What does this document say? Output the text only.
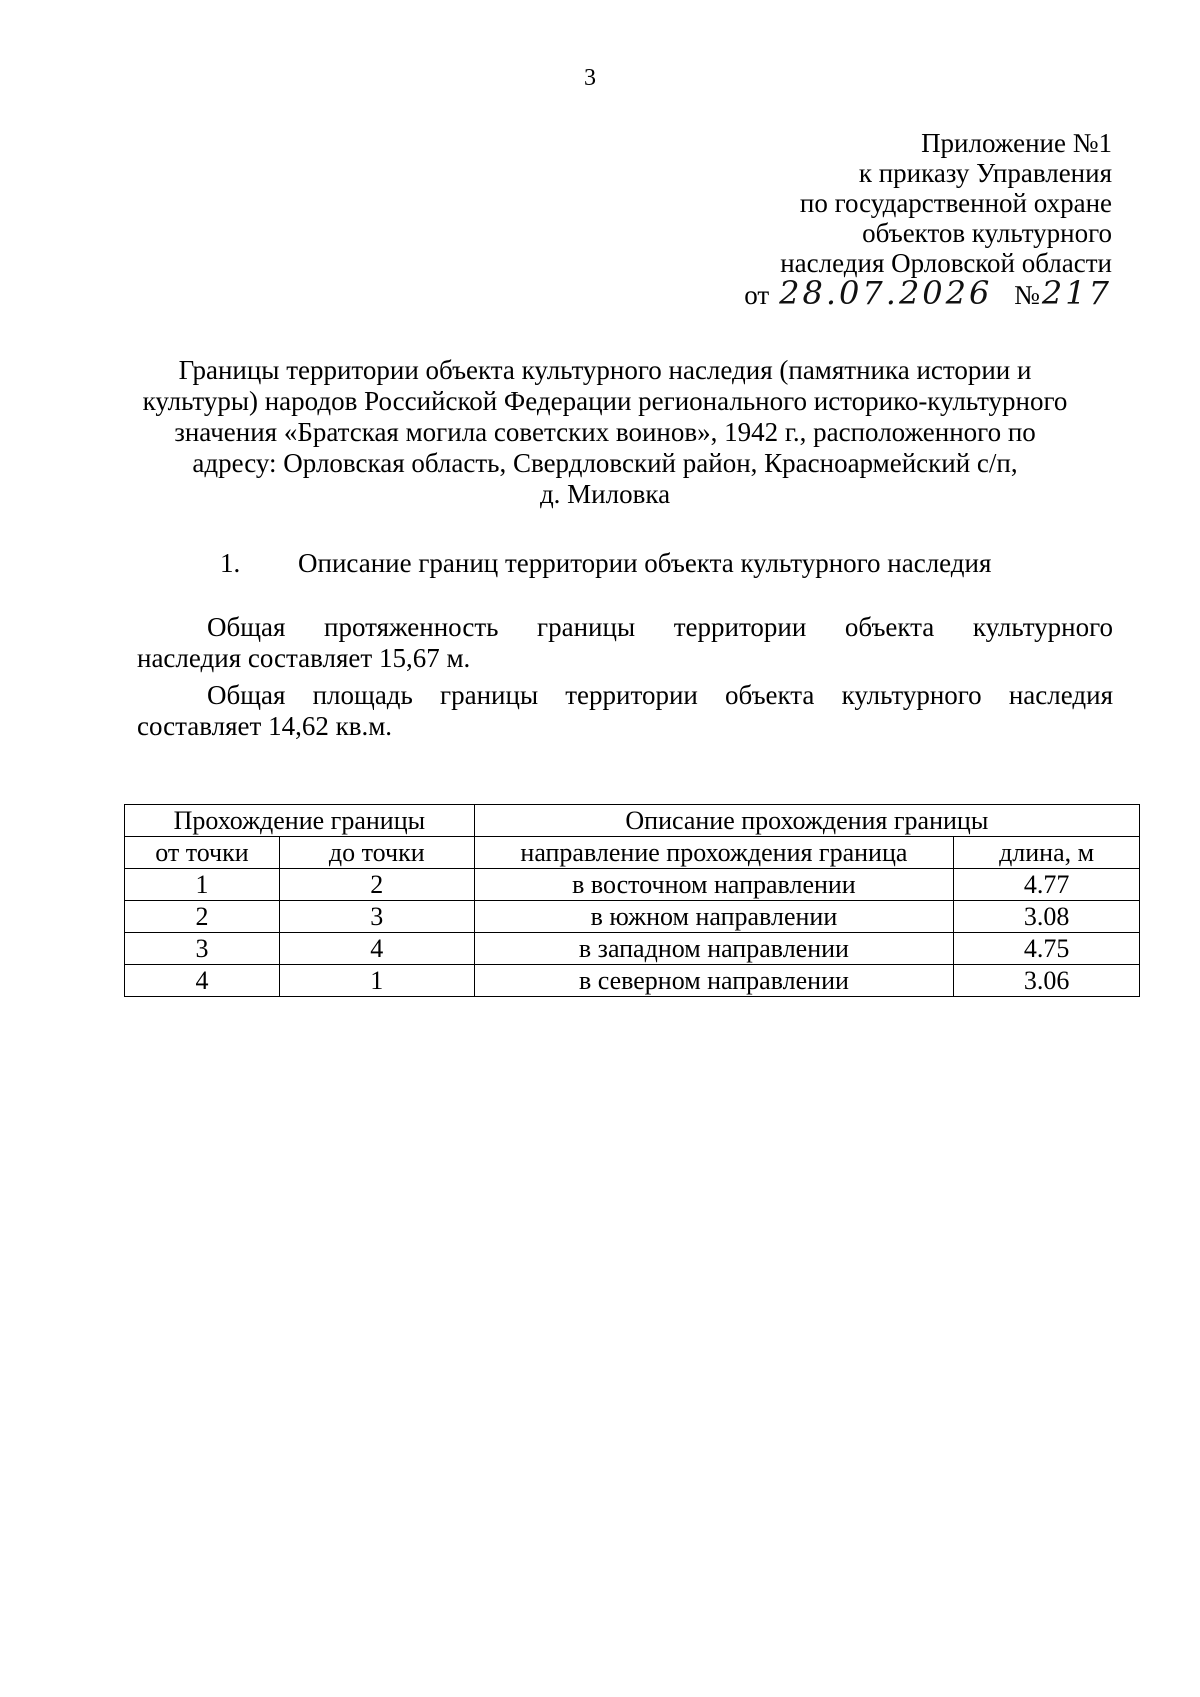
3
Приложение №1
к приказу Управления
по государственной охране
объектов культурного
наследия Орловской области
от 28.07.2026 № 217
Границы территории объекта культурного наследия (памятника истории и
культуры) народов Российской Федерации регионального историко-культурного
значения «Братская могила советских воинов», 1942 г., расположенного по
адресу: Орловская область, Свердловский район, Красноармейский с/п,
д. Миловка
1. Описание границ территории объекта культурного наследия
Общая протяженность границы территории объекта культурного
наследия составляет 15,67 м.
Общая площадь границы территории объекта культурного наследия
составляет 14,62 кв.м.
Прохождение границы		Описание прохождения границы	
от точки	до точки	направление прохождения граница	длина, м
1	2	в восточном направлении	4.77
2	3	в южном направлении	3.08
3	4	в западном направлении	4.75
4	1	в северном направлении	3.06
